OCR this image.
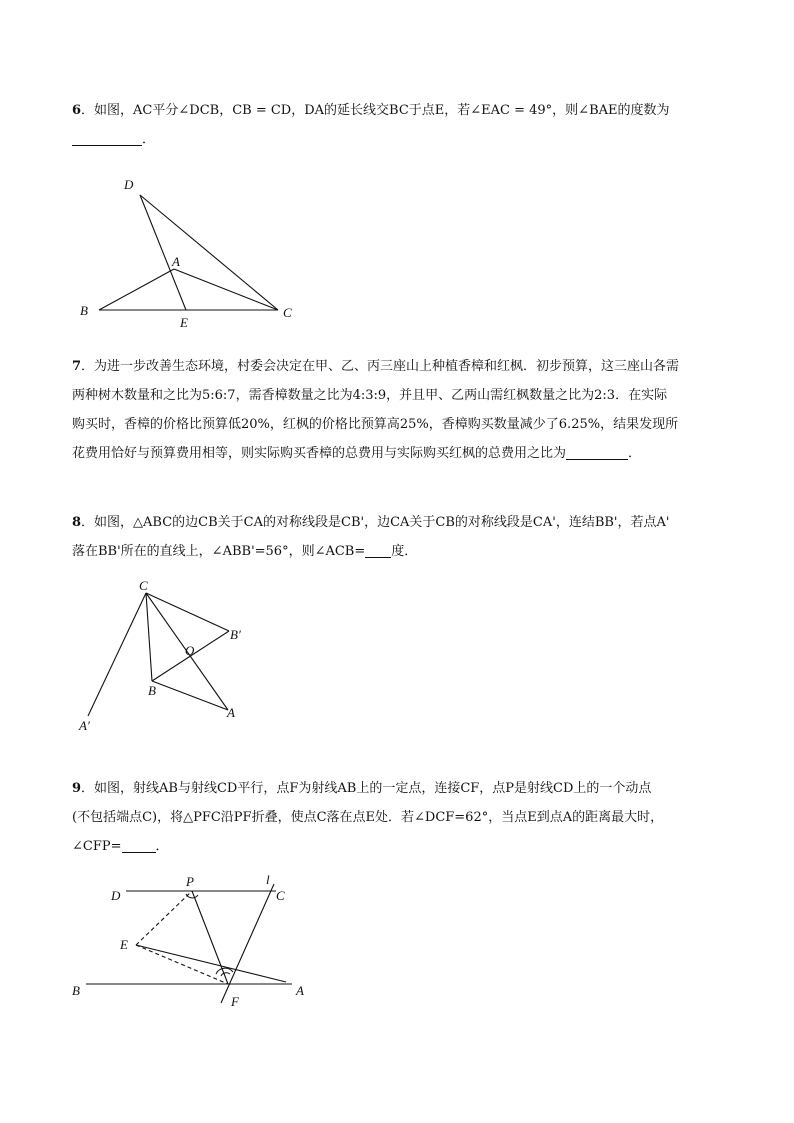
6．如图，AC平分∠DCB，CB = CD，DA的延长线交BC于点E，若∠EAC = 49°，则∠BAE的度数为

．

D
A
B
E
C

7．为进一步改善生态环境，村委会决定在甲、乙、丙三座山上种植香樟和红枫．初步预算，这三座山各需

两种树木数量和之比为5:6:7，需香樟数量之比为4:3:9，并且甲、乙两山需红枫数量之比为2:3．在实际

购买时，香樟的价格比预算低20%，红枫的价格比预算高25%，香樟购买数量减少了6.25%，结果发现所

花费用恰好与预算费用相等，则实际购买香樟的总费用与实际购买红枫的总费用之比为	．

8．如图，△ABC的边CB关于CA的对称线段是CB'，边CA关于CB的对称线段是CA'，连结BB'，若点A'

落在BB'所在的直线上，∠ABB'=56°，则∠ACB= 度．

C
B′
O
B
A
A′

9．如图，射线AB与射线CD平行，点F为射线AB上的一定点，连接CF，点P是射线CD上的一个动点

(不包括端点C)，将△PFC沿PF折叠，使点C落在点E处．若∠DCF=62°，当点E到点A的距离最大时，

∠CFP=	．

D
P	l
C
E
B
F
A
